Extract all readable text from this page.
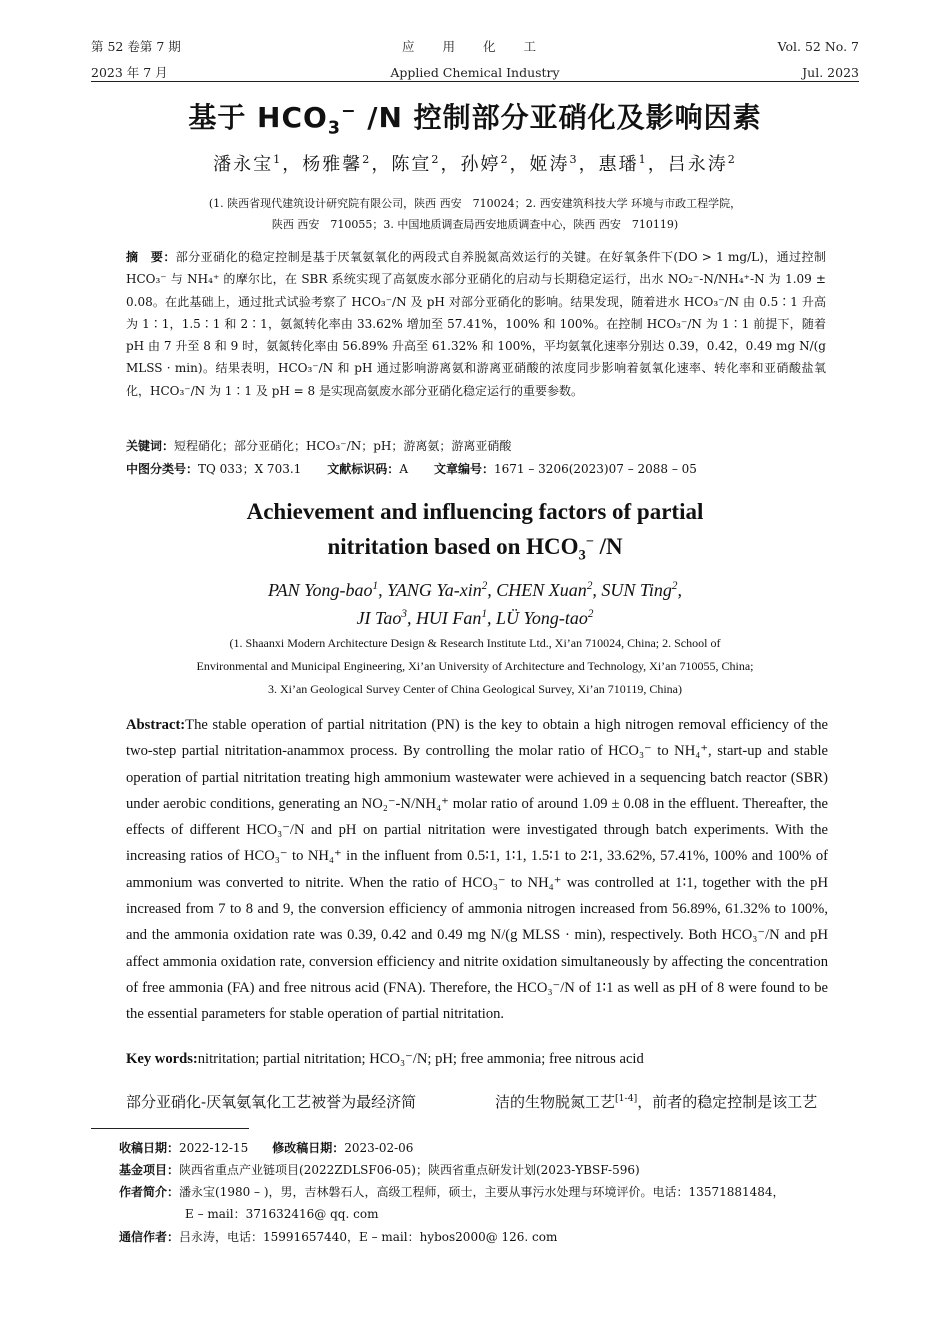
第 52 卷第 7 期
2023 年 7 月
应 用 化 工
Applied Chemical Industry
Vol. 52 No. 7
Jul. 2023
基于 $HCO_3^-$ /N 控制部分亚硝化及影响因素
潘永宝$^1$，杨雅馨$^2$，陈宣$^2$，孙婷$^2$，姬涛$^3$，惠璠$^1$，吕永涛$^2$
(1. 陕西省现代建筑设计研究院有限公司，陕西 西安　710024；2. 西安建筑科技大学 环境与市政工程学院，
陕西 西安　710055；3. 中国地质调查局西安地质调查中心，陕西 西安　710119)
摘　要：部分亚硝化的稳定控制是基于厌氧氨氧化的两段式自养脱氮高效运行的关键。在好氧条件下(DO > 1 mg/L)，通过控制 HCO₃⁻ 与 NH₄⁺ 的摩尔比，在 SBR 系统实现了高氨废水部分亚硝化的启动与长期稳定运行，出水 NO₂⁻-N/NH₄⁺-N 为 1.09 ± 0.08。在此基础上，通过批式试验考察了 HCO₃⁻/N 及 pH 对部分亚硝化的影响。结果发现，随着进水 HCO₃⁻/N 由 0.5∶1 升高为 1∶1，1.5∶1 和 2∶1，氨氮转化率由 33.62% 增加至 57.41%，100% 和 100%。在控制 HCO₃⁻/N 为 1∶1 前提下，随着 pH 由 7 升至 8 和 9 时，氨氮转化率由 56.89% 升高至 61.32% 和 100%，平均氨氧化速率分别达 0.39，0.42，0.49 mg N/(g MLSS · min)。结果表明，HCO₃⁻/N 和 pH 通过影响游离氨和游离亚硝酸的浓度同步影响着氨氧化速率、转化率和亚硝酸盐氧化，HCO₃⁻/N 为 1∶1 及 pH = 8 是实现高氨废水部分亚硝化稳定运行的重要参数。
关键词：短程硝化；部分亚硝化；HCO₃⁻/N；pH；游离氨；游离亚硝酸
中图分类号：TQ 033；X 703.1 文献标识码：A 文章编号：1671 – 3206(2023)07 – 2088 – 05
Achievement and influencing factors of partial
nitritation based on $HCO_3^-$ /N
PAN Yong-bao$^1$, YANG Ya-xin$^2$, CHEN Xuan$^2$, SUN Ting$^2$,
JI Tao$^3$, HUI Fan$^1$, LÜ Yong-tao$^2$
(1. Shaanxi Modern Architecture Design & Research Institute Ltd., Xi’an 710024, China; 2. School of
Environmental and Municipal Engineering, Xi’an University of Architecture and Technology, Xi’an 710055, China;
3. Xi’an Geological Survey Center of China Geological Survey, Xi’an 710119, China)
Abstract:The stable operation of partial nitritation (PN) is the key to obtain a high nitrogen removal efficiency of the two-step partial nitritation-anammox process. By controlling the molar ratio of HCO₃⁻ to NH₄⁺, start-up and stable operation of partial nitritation treating high ammonium wastewater were achieved in a sequencing batch reactor (SBR) under aerobic conditions, generating an NO₂⁻-N/NH₄⁺ molar ratio of around 1.09 ± 0.08 in the effluent. Thereafter, the effects of different HCO₃⁻/N and pH on partial nitritation were investigated through batch experiments. With the increasing ratios of HCO₃⁻ to NH₄⁺ in the influent from 0.5∶1, 1∶1, 1.5∶1 to 2∶1, 33.62%, 57.41%, 100% and 100% of ammonium was converted to nitrite. When the ratio of HCO₃⁻ to NH₄⁺ was controlled at 1∶1, together with the pH increased from 7 to 8 and 9, the conversion efficiency of ammonia nitrogen increased from 56.89%, 61.32% to 100%, and the ammonia oxidation rate was 0.39, 0.42 and 0.49 mg N/(g MLSS · min), respectively. Both HCO₃⁻/N and pH affect ammonia oxidation rate, conversion efficiency and nitrite oxidation simultaneously by affecting the concentration of free ammonia (FA) and free nitrous acid (FNA). Therefore, the HCO₃⁻/N of 1∶1 as well as pH of 8 were found to be the essential parameters for stable operation of partial nitritation.
Key words:nitritation; partial nitritation; HCO₃⁻/N; pH; free ammonia; free nitrous acid
部分亚硝化-厌氧氨氧化工艺被誉为最经济简	洁的生物脱氮工艺[1-4]，前者的稳定控制是该工艺
收稿日期：2022-12-15 修改稿日期：2023-02-06
基金项目：陕西省重点产业链项目(2022ZDLSF06-05)；陕西省重点研发计划(2023-YBSF-596)
作者简介：潘永宝(1980 – )，男，吉林磐石人，高级工程师，硕士，主要从事污水处理与环境评价。电话：13571881484，
E – mail：371632416@ qq. com
通信作者：吕永涛，电话：15991657440，E – mail：hybos2000@ 126. com
